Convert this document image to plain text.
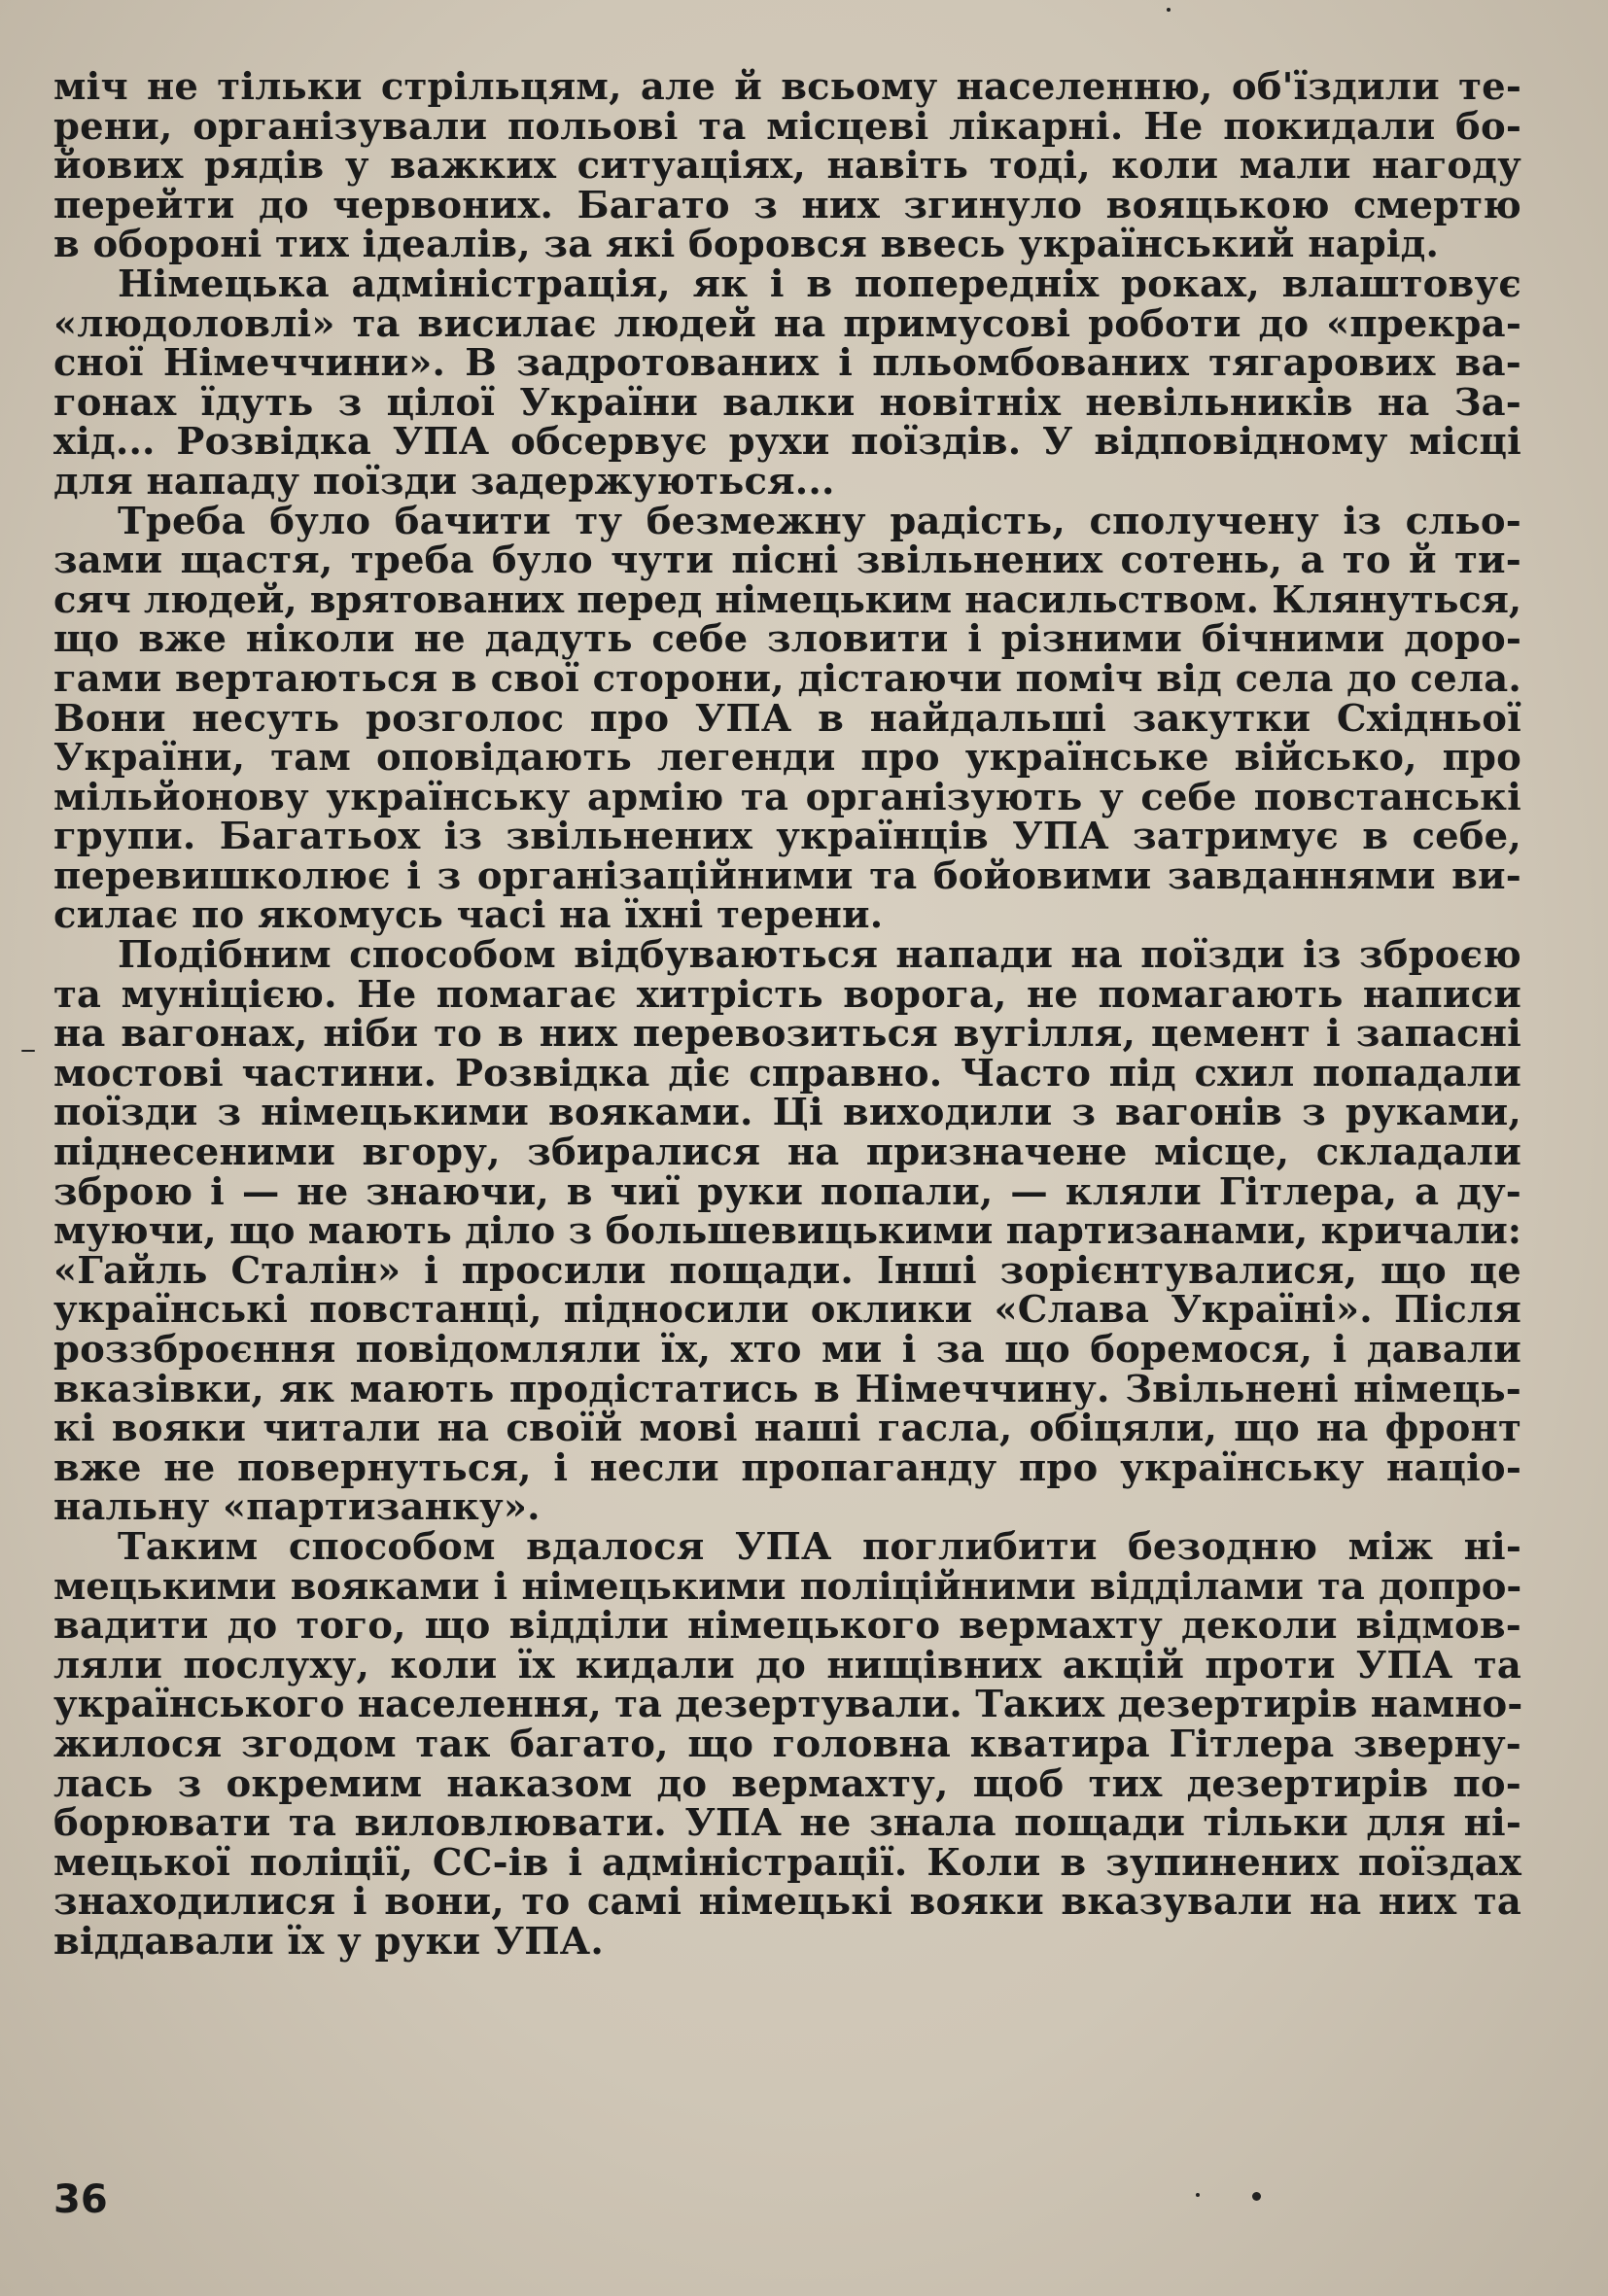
міч не тільки стрільцям, але й всьому населенню, об'їздили те-
рени, організували польові та місцеві лікарні. Не покидали бо-
йових рядів у важких ситуаціях, навіть тоді, коли мали нагоду
перейти до червоних. Багато з них згинуло вояцькою смертю
в обороні тих ідеалів, за які боровся ввесь український нарід.
Німецька адміністрація, як і в попередніх роках, влаштовує
«людоловлі» та висилає людей на примусові роботи до «прекра-
сної Німеччини». В задротованих і пльомбованих тягарових ва-
гонах їдуть з цілої України валки новітніх невільників на За-
хід... Розвідка УПА обсервує рухи поїздів. У відповідному місці
для нападу поїзди задержуються...
Треба було бачити ту безмежну радість, сполучену із сльо-
зами щастя, треба було чути пісні звільнених сотень, а то й ти-
сяч людей, врятованих перед німецьким насильством. Клянуться,
що вже ніколи не дадуть себе зловити і різними бічними доро-
гами вертаються в свої сторони, дістаючи поміч від села до села.
Вони несуть розголос про УПА в найдальші закутки Східньої
України, там оповідають легенди про українське військо, про
мільйонову українську армію та організують у себе повстанські
групи. Багатьох із звільнених українців УПА затримує в себе,
перевишколює і з організаційними та бойовими завданнями ви-
силає по якомусь часі на їхні терени.
Подібним способом відбуваються напади на поїзди із зброєю
та муніцією. Не помагає хитрість ворога, не помагають написи
на вагонах, ніби то в них перевозиться вугілля, цемент і запасні
мостові частини. Розвідка діє справно. Часто під схил попадали
поїзди з німецькими вояками. Ці виходили з вагонів з руками,
піднесеними вгору, збиралися на призначене місце, складали
зброю і — не знаючи, в чиї руки попали, — кляли Гітлера, а ду-
муючи, що мають діло з большевицькими партизанами, кричали:
«Гайль Сталін» і просили пощади. Інші зорієнтувалися, що це
українські повстанці, підносили оклики «Слава Україні». Після
роззброєння повідомляли їх, хто ми і за що боремося, і давали
вказівки, як мають продістатись в Німеччину. Звільнені німець-
кі вояки читали на своїй мові наші гасла, обіцяли, що на фронт
вже не повернуться, і несли пропаганду про українську націо-
нальну «партизанку».
Таким способом вдалося УПА поглибити безодню між ні-
мецькими вояками і німецькими поліційними відділами та допро-
вадити до того, що відділи німецького вермахту деколи відмов-
ляли послуху, коли їх кидали до нищівних акцій проти УПА та
українського населення, та дезертували. Таких дезертирів намно-
жилося згодом так багато, що головна кватира Гітлера зверну-
лась з окремим наказом до вермахту, щоб тих дезертирів по-
борювати та виловлювати. УПА не знала пощади тільки для ні-
мецької поліції, СС-ів і адміністрації. Коли в зупинених поїздах
знаходилися і вони, то самі німецькі вояки вказували на них та
віддавали їх у руки УПА.
36
